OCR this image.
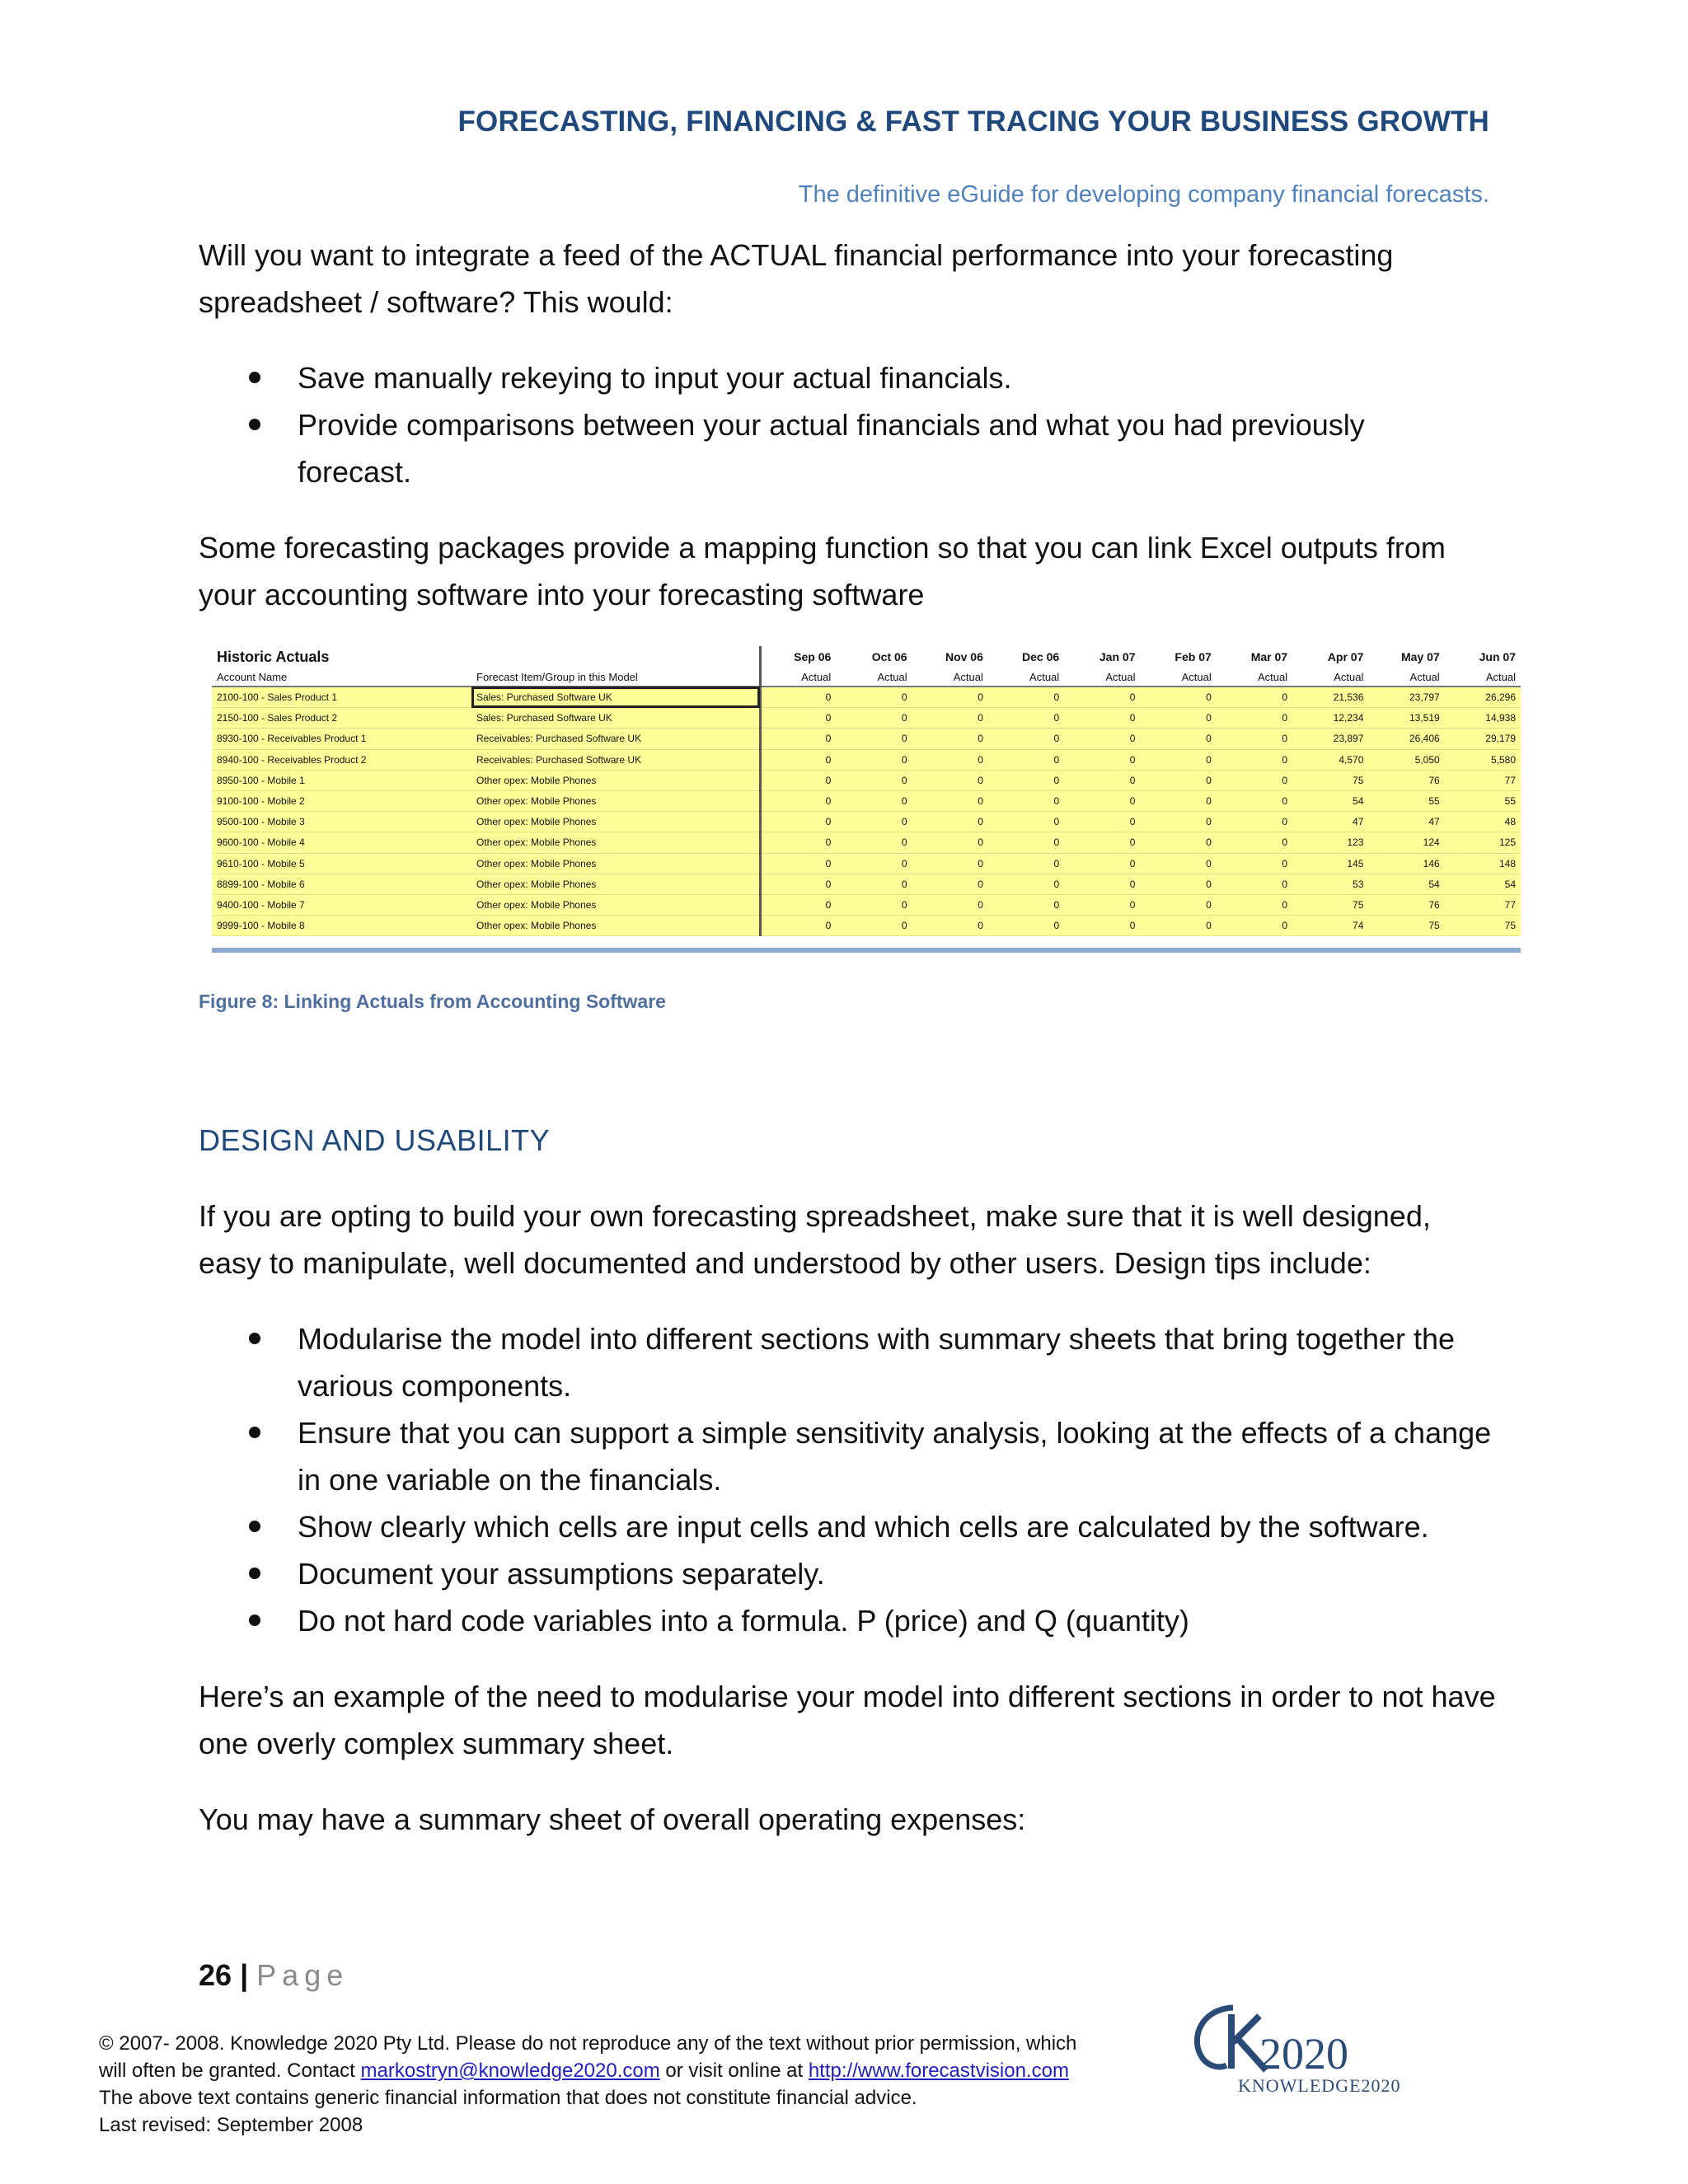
FORECASTING, FINANCING & FAST TRACING YOUR BUSINESS GROWTH
The definitive eGuide for developing company financial forecasts.

Will you want to integrate a feed of the ACTUAL financial performance into your forecasting spreadsheet / software? This would:

Save manually rekeying to input your actual financials.
Provide comparisons between your actual financials and what you had previously forecast.

Some forecasting packages provide a mapping function so that you can link Excel outputs from your accounting software into your forecasting software

Historic Actuals		Sep 06	Oct 06	Nov 06	Dec 06	Jan 07	Feb 07	Mar 07	Apr 07	May 07	Jun 07
Account Name	Forecast Item/Group in this Model	Actual	Actual	Actual	Actual	Actual	Actual	Actual	Actual	Actual	Actual
2100-100 - Sales Product 1	Sales: Purchased Software UK	0	0	0	0	0	0	0	21,536	23,797	26,296
2150-100 - Sales Product 2	Sales: Purchased Software UK	0	0	0	0	0	0	0	12,234	13,519	14,938
8930-100 - Receivables Product 1	Receivables: Purchased Software UK	0	0	0	0	0	0	0	23,897	26,406	29,179
8940-100 - Receivables Product 2	Receivables: Purchased Software UK	0	0	0	0	0	0	0	4,570	5,050	5,580
8950-100 - Mobile 1	Other opex: Mobile Phones	0	0	0	0	0	0	0	75	76	77
9100-100 - Mobile 2	Other opex: Mobile Phones	0	0	0	0	0	0	0	54	55	55
9500-100 - Mobile 3	Other opex: Mobile Phones	0	0	0	0	0	0	0	47	47	48
9600-100 - Mobile 4	Other opex: Mobile Phones	0	0	0	0	0	0	0	123	124	125
9610-100 - Mobile 5	Other opex: Mobile Phones	0	0	0	0	0	0	0	145	146	148
8899-100 - Mobile 6	Other opex: Mobile Phones	0	0	0	0	0	0	0	53	54	54
9400-100 - Mobile 7	Other opex: Mobile Phones	0	0	0	0	0	0	0	75	76	77
9999-100 - Mobile 8	Other opex: Mobile Phones	0	0	0	0	0	0	0	74	75	75
Figure 8: Linking Actuals from Accounting Software
DESIGN AND USABILITY

If you are opting to build your own forecasting spreadsheet, make sure that it is well designed, easy to manipulate, well documented and understood by other users. Design tips include:

Modularise the model into different sections with summary sheets that bring together the various components.
Ensure that you can support a simple sensitivity analysis, looking at the effects of a change in one variable on the financials.
Show clearly which cells are input cells and which cells are calculated by the software.
Document your assumptions separately.
Do not hard code variables into a formula. P (price) and Q (quantity)

Here’s an example of the need to modularise your model into different sections in order to not have one overly complex summary sheet.

You may have a summary sheet of overall operating expenses:

26 | Page
© 2007- 2008. Knowledge 2020 Pty Ltd. Please do not reproduce any of the text without prior permission, which
will often be granted. Contact markostryn@knowledge2020.com or visit online at http://www.forecastvision.com
The above text contains generic financial information that does not constitute financial advice.
Last revised: September 2008
2020
KNOWLEDGE2020
